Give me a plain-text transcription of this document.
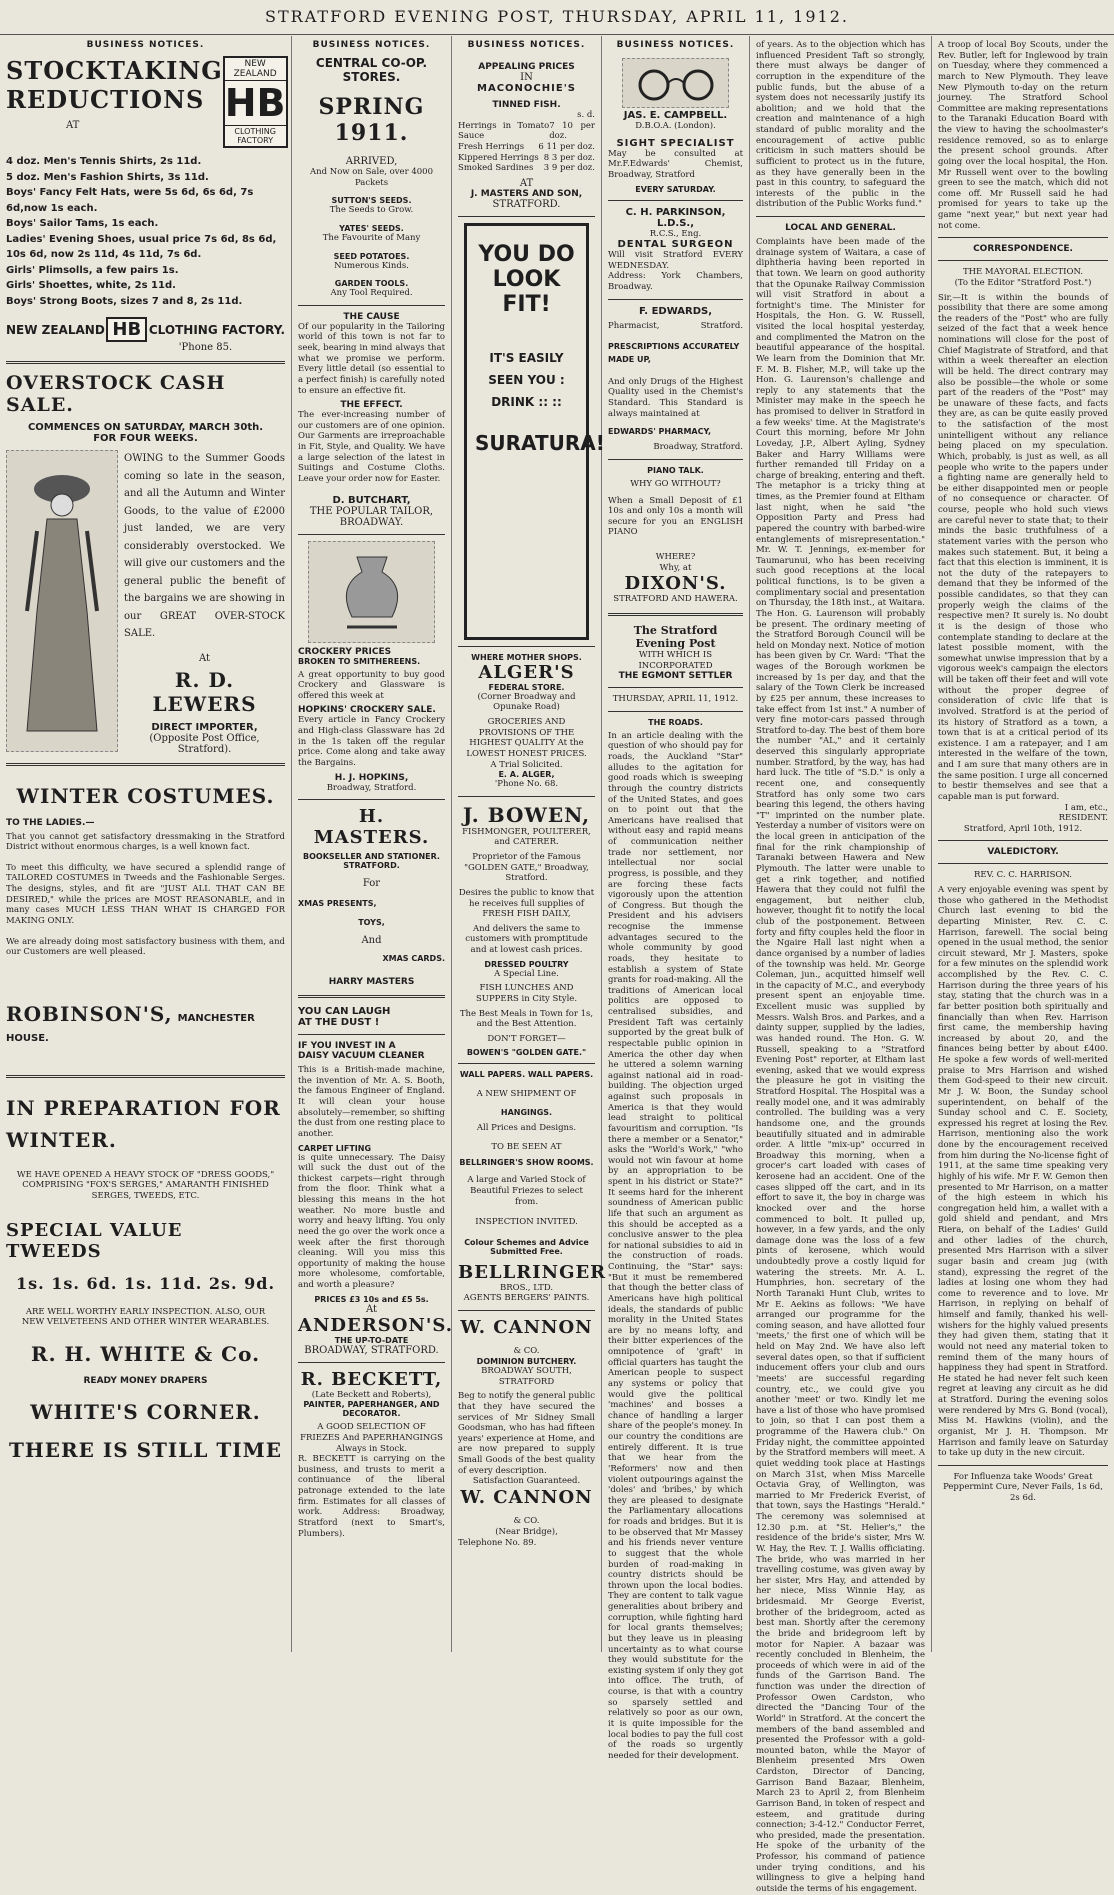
STRATFORD EVENING POST, THURSDAY, APRIL 11, 1912.
BUSINESS NOTICES.
STOCKTAKING
REDUCTIONS
AT
NEW ZEALAND
HB
CLOTHING FACTORY
4 doz. Men's Tennis Shirts, 2s 11d.
5 doz. Men's Fashion Shirts, 3s 11d.
Boys' Fancy Felt Hats, were 5s 6d, 6s 6d, 7s 6d,now 1s each.
Boys' Sailor Tams, 1s each.
Ladies' Evening Shoes, usual price 7s 6d, 8s 6d, 10s 6d, now 2s 11d, 4s 11d, 7s 6d.
Girls' Plimsolls, a few pairs 1s.
Girls' Shoettes, white, 2s 11d.
Boys' Strong Boots, sizes 7 and 8, 2s 11d.
NEW ZEALAND HB CLOTHING FACTORY.
'Phone 85.
OVERSTOCK CASH SALE.
COMMENCES ON SATURDAY, MARCH 30th.
FOR FOUR WEEKS.
OWING to the Summer Goods coming so late in the season, and all the Autumn and Winter Goods, to the value of £2000 just landed, we are very considerably overstocked. We will give our customers and the general public the benefit of the bargains we are showing in our GREAT OVER-STOCK SALE.
At
R. D. LEWERS
DIRECT IMPORTER,
(Opposite Post Office, Stratford).
WINTER COSTUMES.
TO THE LADIES.—
That you cannot get satisfactory dressmaking in the Stratford District without enormous charges, is a well known fact.
To meet this difficulty, we have secured a splendid range of TAILORED COSTUMES in Tweeds and the Fashionable Serges. The designs, styles, and fit are "JUST ALL THAT CAN BE DESIRED," while the prices are MOST REASONABLE, and in many cases MUCH LESS THAN WHAT IS CHARGED FOR MAKING ONLY.
We are already doing most satisfactory business with them, and our Customers are well pleased.
ROBINSON'S, MANCHESTER HOUSE.
IN PREPARATION FOR
WINTER.
WE HAVE OPENED A HEAVY STOCK OF "DRESS GOODS," COMPRISING "FOX'S SERGES," AMARANTH FINISHED SERGES, TWEEDS, ETC.
SPECIAL VALUE TWEEDS
1s. 1s. 6d. 1s. 11d. 2s. 9d.
ARE WELL WORTHY EARLY INSPECTION. ALSO, OUR NEW VELVETEENS AND OTHER WINTER WEARABLES.
R. H. WHITE & Co.
READY MONEY DRAPERS
WHITE'S CORNER.
THERE IS STILL TIME
BUSINESS NOTICES.
CENTRAL CO-OP. STORES.
SPRING 1911.
ARRIVED,
And Now on Sale, over 4000 Packets
SUTTON'S SEEDS.
The Seeds to Grow.
YATES' SEEDS.
The Favourite of Many
SEED POTATOES.
Numerous Kinds.
GARDEN TOOLS.
Any Tool Required.
THE CAUSE
Of our popularity in the Tailoring world of this town is not far to seek, bearing in mind always that what we promise we perform. Every little detail (so essential to a perfect finish) is carefully noted to ensure an effective fit.
THE EFFECT.
The ever-increasing number of our customers are of one opinion. Our Garments are irreproachable in Fit, Style, and Quality. We have a large selection of the latest in Suitings and Costume Cloths. Leave your order now for Easter.
D. BUTCHART,
THE POPULAR TAILOR,
BROADWAY.
CROCKERY PRICES
BROKEN TO SMITHEREENS.
A great opportunity to buy good Crockery and Glassware is offered this week at
HOPKINS' CROCKERY SALE.
Every article in Fancy Crockery and High-class Glassware has 2d in the 1s taken off the regular price. Come along and take away the Bargains.
H. J. HOPKINS,
Broadway, Stratford.
H. MASTERS.
BOOKSELLER AND STATIONER.
STRATFORD.
For
XMAS PRESENTS,
TOYS,
And
XMAS CARDS.
HARRY MASTERS
YOU CAN LAUGH
AT THE DUST !
IF YOU INVEST IN A
DAISY VACUUM CLEANER
This is a British-made machine, the invention of Mr. A. S. Booth, the famous Engineer of England. It will clean your house absolutely—remember, so shifting the dust from one resting place to another.
CARPET LIFTING
is quite unnecessary. The Daisy will suck the dust out of the thickest carpets—right through from the floor. Think what a blessing this means in the hot weather. No more bustle and worry and heavy lifting. You only need the go over the work once a week after the first thorough cleaning. Will you miss this opportunity of making the house more wholesome, comfortable, and worth a pleasure?
PRICES £3 10s and £5 5s.
At
ANDERSON'S.
THE UP-TO-DATE
BROADWAY, STRATFORD.
R. BECKETT,
(Late Beckett and Roberts),
PAINTER, PAPERHANGER, AND DECORATOR.
A GOOD SELECTION OF FRIEZES And PAPERHANGINGS Always in Stock.
R. BECKETT is carrying on the business, and trusts to merit a continuance of the liberal patronage extended to the late firm. Estimates for all classes of work. Address: Broadway, Stratford (next to Smart's, Plumbers).
BUSINESS NOTICES.
APPEALING PRICES
IN
MACONOCHIE'S
TINNED FISH.
s. d.
Herrings in Tomato Sauce
7 10 per doz.
Fresh Herrings 6 11 per doz.
Kippered Herrings 8 3 per doz.
Smoked Sardines 3 9 per doz.
AT
J. MASTERS AND SON,
STRATFORD.
YOU DO
LOOK FIT!
IT'S EASILY
SEEN YOU :
DRINK :: ::
SURATURA!
WHERE MOTHER SHOPS.
ALGER'S
FEDERAL STORE.
(Corner Broadway and Opunake Road)
GROCERIES AND PROVISIONS OF THE HIGHEST QUALITY At the LOWEST HONEST PRICES.
A Trial Solicited.
E. A. ALGER,
'Phone No. 68.
J. BOWEN,
FISHMONGER, POULTERER, and CATERER.
Proprietor of the Famous "GOLDEN GATE," Broadway, Stratford.
Desires the public to know that he receives full supplies of FRESH FISH DAILY,
And delivers the same to customers with promptitude and at lowest cash prices.
DRESSED POULTRY
A Special Line.
FISH LUNCHES AND SUPPERS in City Style.
The Best Meals in Town for 1s, and the Best Attention.
DON'T FORGET—
BOWEN'S "GOLDEN GATE."
WALL PAPERS. WALL PAPERS.
A NEW SHIPMENT OF
HANGINGS.
All Prices and Designs.
TO BE SEEN AT
BELLRINGER'S SHOW ROOMS.
A large and Varied Stock of Beautiful Friezes to select from.
INSPECTION INVITED.
Colour Schemes and Advice Submitted Free.
BELLRINGER
BROS., LTD.
AGENTS BERGERS' PAINTS.
W. CANNON & CO.
DOMINION BUTCHERY.
BROADWAY SOUTH, STRATFORD
Beg to notify the general public that they have secured the services of Mr Sidney Small Goodsman, who has had fifteen years' experience at Home, and are now prepared to supply Small Goods of the best quality of every description.
Satisfaction Guaranteed.
W. CANNON & CO.
(Near Bridge),
Telephone No. 89.
BUSINESS NOTICES.
JAS. E. CAMPBELL.
D.B.O.A. (London).
SIGHT SPECIALIST
May be consulted at Mr.F.Edwards' Chemist, Broadway, Stratford
EVERY SATURDAY.
C. H. PARKINSON, L.D.S.,
R.C.S., Eng.
DENTAL SURGEON
Will visit Stratford EVERY WEDNESDAY.
Address: York Chambers, Broadway.
F. EDWARDS,
Pharmacist,	Stratford.
PRESCRIPTIONS ACCURATELY MADE UP,
And only Drugs of the Highest Quality used in the Chemist's Standard. This Standard is always maintained at
EDWARDS' PHARMACY,
Broadway, Stratford.
PIANO TALK.
WHY GO WITHOUT?
When a Small Deposit of £1 10s and only 10s a month will secure for you an ENGLISH PIANO
WHERE?
Why, at
DIXON'S.
STRATFORD AND HAWERA.
The Stratford Evening Post
WITH WHICH IS INCORPORATED
THE EGMONT SETTLER
THURSDAY, APRIL 11, 1912.
THE ROADS.
In an article dealing with the question of who should pay for roads, the Auckland "Star" alludes to the agitation for good roads which is sweeping through the country districts of the United States, and goes on to point out that the Americans have realised that without easy and rapid means of communication neither trade nor settlement, nor intellectual nor social progress, is possible, and they are forcing these facts vigorously upon the attention of Congress. But though the President and his advisers recognise the immense advantages secured to the whole community by good roads, they hesitate to establish a system of State grants for road-making. All the traditions of American local politics are opposed to centralised subsidies, and President Taft was certainly supported by the great bulk of respectable public opinion in America the other day when he uttered a solemn warning against national aid in road-building. The objection urged against such proposals in America is that they would lead straight to political favouritism and corruption. "Is there a member or a Senator," asks the "World's Work," "who would not win favour at home by an appropriation to be spent in his district or State?" It seems hard for the inherent soundness of American public life that such an argument as this should be accepted as a conclusive answer to the plea for national subsidies to aid in the construction of roads. Continuing, the "Star" says: "But it must be remembered that though the better class of Americans have high political ideals, the standards of public morality in the United States are by no means lofty, and their bitter experiences of the omnipotence of 'graft' in official quarters has taught the American people to suspect any systems or policy that would give the political 'machines' and bosses a chance of handling a larger share of the people's money. In our country the conditions are entirely different. It is true that we hear from the 'Reformers' now and then violent outpourings against the 'doles' and 'bribes,' by which they are pleased to designate the Parliamentary allocations for roads and bridges. But it is to be observed that Mr Massey and his friends never venture to suggest that the whole burden of road-making in country districts should be thrown upon the local bodies. They are content to talk vague generalities about bribery and corruption, while fighting hard for local grants themselves; but they leave us in pleasing uncertainty as to what course they would substitute for the existing system if only they got into office. The truth, of course, is that with a country so sparsely settled and relatively so poor as our own, it is quite impossible for the local bodies to pay the full cost of the roads so urgently needed for their development.
of years. As to the objection which has influenced President Taft so strongly, there must always be danger of corruption in the expenditure of the public funds, but the abuse of a system does not necessarily justify its abolition; and we hold that the creation and maintenance of a high standard of public morality and the encouragement of active public criticism in such matters should be sufficient to protect us in the future, as they have generally been in the past in this country, to safeguard the interests of the public in the distribution of the Public Works fund."
LOCAL AND GENERAL.
Complaints have been made of the drainage system of Waitara, a case of diphtheria having been reported in that town. We learn on good authority that the Opunake Railway Commission will visit Stratford in about a fortnight's time. The Minister for Hospitals, the Hon. G. W. Russell, visited the local hospital yesterday, and complimented the Matron on the beautiful appearance of the hospital. We learn from the Dominion that Mr. F. M. B. Fisher, M.P., will take up the Hon. G. Laurenson's challenge and reply to any statements that the Minister may make in the speech he has promised to deliver in Stratford in a few weeks' time. At the Magistrate's Court this morning, before Mr John Loveday, J.P., Albert Ayling, Sydney Baker and Harry Williams were further remanded till Friday on a charge of breaking, entering and theft. The metaphor is a tricky thing at times, as the Premier found at Eltham last night, when he said "the Opposition Party and Press had papered the country with barbed-wire entanglements of misrepresentation." Mr. W. T. Jennings, ex-member for Taumarunui, who has been receiving such good receptions at the local political functions, is to be given a complimentary social and presentation on Thursday, the 18th inst., at Waitara. The Hon. G. Laurenson will probably be present. The ordinary meeting of the Stratford Borough Council will be held on Monday next. Notice of motion has been given by Cr. Ward: "That the wages of the Borough workmen be increased by 1s per day, and that the salary of the Town Clerk be increased by £25 per annum, these increases to take effect from 1st inst." A number of very fine motor-cars passed through Stratford to-day. The best of them bore the number "AL," and it certainly deserved this singularly appropriate number. Stratford, by the way, has had hard luck. The title of "S.D." is only a recent one, and consequently Stratford has only some two cars bearing this legend, the others having "T" imprinted on the number plate. Yesterday a number of visitors were on the local green in anticipation of the final for the rink championship of Taranaki between Hawera and New Plymouth. The latter were unable to get a rink together, and notified Hawera that they could not fulfil the engagement, but neither club, however, thought fit to notify the local club of the postponement. Between forty and fifty couples held the floor in the Ngaire Hall last night when a dance organised by a number of ladies of the township was held. Mr. George Coleman, jun., acquitted himself well in the capacity of M.C., and everybody present spent an enjoyable time. Excellent music was supplied by Messrs. Walsh Bros. and Parkes, and a dainty supper, supplied by the ladies, was handed round. The Hon. G. W. Russell, speaking to a "Stratford Evening Post" reporter, at Eltham last evening, asked that we would express the pleasure he got in visiting the Stratford Hospital. The Hospital was a really model one, and it was admirably controlled. The building was a very handsome one, and the grounds beautifully situated and in admirable order. A little "mix-up" occurred in Broadway this morning, when a grocer's cart loaded with cases of kerosene had an accident. One of the cases slipped off the cart, and in its effort to save it, the boy in charge was knocked over and the horse commenced to bolt. It pulled up, however, in a few yards, and the only damage done was the loss of a few pints of kerosene, which would undoubtedly prove a costly liquid for watering the streets. Mr. A. L. Humphries, hon. secretary of the North Taranaki Hunt Club, writes to Mr E. Aekins as follows: "We have arranged our programme for the coming season, and have allotted four 'meets,' the first one of which will be held on May 2nd. We have also left several dates open, so that if sufficient inducement offers your club and ours 'meets' are successful regarding country, etc., we could give you another 'meet' or two. Kindly let me have a list of those who have promised to join, so that I can post them a programme of the Hawera club." On Friday night, the committee appointed by the Stratford members will meet. A quiet wedding took place at Hastings on March 31st, when Miss Marcelle Octavia Gray, of Wellington, was married to Mr Frederick Everist, of that town, says the Hastings "Herald." The ceremony was solemnised at 12.30 p.m. at "St. Helier's," the residence of the bride's sister, Mrs W. W. Hay, the Rev. T. J. Wallis officiating. The bride, who was married in her travelling costume, was given away by her sister, Mrs Hay, and attended by her niece, Miss Winnie Hay, as bridesmaid. Mr George Everist, brother of the bridegroom, acted as best man. Shortly after the ceremony the bride and bridegroom left by motor for Napier. A bazaar was recently concluded in Blenheim, the proceeds of which were in aid of the funds of the Garrison Band. The function was under the direction of Professor Owen Cardston, who directed the "Dancing Tour of the World" in Stratford. At the concert the members of the band assembled and presented the Professor with a gold-mounted baton, while the Mayor of Blenheim presented Mrs Owen Cardston, Director of Dancing, Garrison Band Bazaar, Blenheim, March 23 to April 2, from Blenheim Garrison Band, in token of respect and esteem, and gratitude during connection; 3-4-12." Conductor Ferret, who presided, made the presentation. He spoke of the urbanity of the Professor, his command of patience under trying conditions, and his willingness to give a helping hand outside the terms of his engagement.
A troop of local Boy Scouts, under the Rev. Butler, left for Inglewood by train on Tuesday, where they commenced a march to New Plymouth. They leave New Plymouth to-day on the return journey. The Stratford School Committee are making representations to the Taranaki Education Board with the view to having the schoolmaster's residence removed, so as to enlarge the present school grounds. After going over the local hospital, the Hon. Mr Russell went over to the bowling green to see the match, which did not come off. Mr Russell said he had promised for years to take up the game "next year," but next year had not come.
CORRESPONDENCE.
THE MAYORAL ELECTION.
(To the Editor "Stratford Post.")
Sir,—It is within the bounds of possibility that there are some among the readers of the "Post" who are fully seized of the fact that a week hence nominations will close for the post of Chief Magistrate of Stratford, and that within a week thereafter an election will be held. The direct contrary may also be possible—the whole or some part of the readers of the "Post" may be unaware of these facts, and facts they are, as can be quite easily proved to the satisfaction of the most unintelligent without any reliance being placed on my speculation. Which, probably, is just as well, as all people who write to the papers under a fighting name are generally held to be either disappointed men or people of no consequence or character. Of course, people who hold such views are careful never to state that; to their minds the basic truthfulness of a statement varies with the person who makes such statement. But, it being a fact that this election is imminent, it is not the duty of the ratepayers to demand that they be informed of the possible candidates, so that they can properly weigh the claims of the respective men? It surely is. No doubt it is the design of those who contemplate standing to declare at the latest possible moment, with the somewhat unwise impression that by a vigorous week's campaign the electors will be taken off their feet and will vote without the proper degree of consideration of civic life that is involved. Stratford is at the period of its history of Stratford as a town, a town that is at a critical period of its existence. I am a ratepayer, and I am interested in the welfare of the town, and I am sure that many others are in the same position. I urge all concerned to bestir themselves and see that a capable man is put forward.
I am, etc.,
RESIDENT.
Stratford, April 10th, 1912.
VALEDICTORY.
REV. C. C. HARRISON.
A very enjoyable evening was spent by those who gathered in the Methodist Church last evening to bid the departing Minister, Rev. C. C. Harrison, farewell. The social being opened in the usual method, the senior circuit steward, Mr J. Masters, spoke for a few minutes on the splendid work accomplished by the Rev. C. C. Harrison during the three years of his stay, stating that the church was in a far better position both spiritually and financially than when Rev. Harrison first came, the membership having increased by about 20, and the finances being better by about £400. He spoke a few words of well-merited praise to Mrs Harrison and wished them God-speed to their new circuit. Mr J. W. Boon, the Sunday school superintendent, on behalf of the Sunday school and C. E. Society, expressed his regret at losing the Rev. Harrison, mentioning also the work done by the encouragement received from him during the No-license fight of 1911, at the same time speaking very highly of his wife. Mr F. W. Gemon then presented to Mr Harrison, on a matter of the high esteem in which his congregation held him, a wallet with a gold shield and pendant, and Mrs Riera, on behalf of the Ladies' Guild and other ladies of the church, presented Mrs Harrison with a silver sugar basin and cream jug (with stand), expressing the regret of the ladies at losing one whom they had come to reverence and to love. Mr Harrison, in replying on behalf of himself and family, thanked his well-wishers for the highly valued presents they had given them, stating that it would not need any material token to remind them of the many hours of happiness they had spent in Stratford. He stated he had never felt such keen regret at leaving any circuit as he did at Stratford. During the evening solos were rendered by Mrs G. Bond (vocal), Miss M. Hawkins (violin), and the organist, Mr J. H. Thompson. Mr Harrison and family leave on Saturday to take up duty in the new circuit.
For Influenza take Woods' Great Peppermint Cure, Never Fails, 1s 6d, 2s 6d.
